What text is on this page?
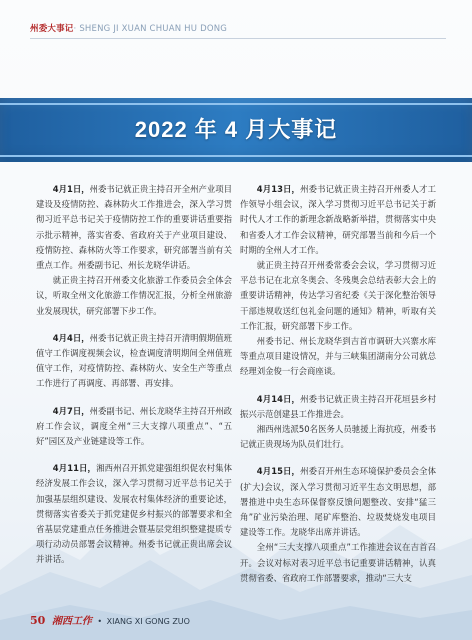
州委大事记· SHENG JI XUAN CHUAN HU DONG
2022 年 4 月大事记

4月1日，州委书记就正贵主持召开全州产业项目建设及疫情防控、森林防火工作推进会，深入学习贯彻习近平总书记关于疫情防控工作的重要讲话重要指示批示精神，落实省委、省政府关于产业项目建设、疫情防控、森林防火等工作要求，研究部署当前有关重点工作。州委副书记、州长龙晓华讲话。

就正贵主持召开州委文化旅游工作委员会全体会议，听取全州文化旅游工作情况汇报，分析全州旅游业发展现状，研究部署下步工作。

4月4日，州委书记就正贵主持召开清明假期值班值守工作调度视频会议，检查调度清明期间全州值班值守工作，对疫情防控、森林防火、安全生产等重点工作进行了再调度、再部署、再安排。

4月7日，州委副书记、州长龙晓华主持召开州政府工作会议，调度全州“三大支撑八项重点”、“五好”园区及产业链建设等工作。

4月11日，湘西州召开抓党建强组织促农村集体经济发展工作会议，深入学习贯彻习近平总书记关于加强基层组织建设、发展农村集体经济的重要论述，贯彻落实省委关于抓党建促乡村振兴的部署要求和全省基层党建重点任务推进会暨基层党组织整建提质专项行动动员部署会议精神。州委书记就正贵出席会议并讲话。

4月13日，州委书记就正贵主持召开州委人才工作领导小组会议，深入学习贯彻习近平总书记关于新时代人才工作的新理念新战略新举措，贯彻落实中央和省委人才工作会议精神，研究部署当前和今后一个时期的全州人才工作。

就正贵主持召开州委常委会会议，学习贯彻习近平总书记在北京冬奥会、冬残奥会总结表彰大会上的重要讲话精神，传达学习省纪委《关于深化整治领导干部违规收送红包礼金问题的通知》精神，听取有关工作汇报，研究部署下步工作。

州委书记、州长龙晓华到吉首市调研大兴寨水库等重点项目建设情况，并与三峡集团湖南分公司就总经理刘金俊一行会商座谈。

4月14日，州委书记就正贵主持召开花垣县乡村振兴示范创建县工作推进会。

湘西州选派50名医务人员驰援上海抗疫，州委书记就正贵现场为队员们壮行。

4月15日，州委召开州生态环境保护委员会全体(扩大)会议，深入学习贯彻习近平生态文明思想，部署推进中央生态环保督察反馈问题整改、安排“猛三角”矿业污染治理、尾矿库整治、垃圾焚烧发电项目建设等工作。龙晓华出席并讲话。

全州“三大支撑八项重点”工作推进会议在吉首召开。会议对标对表习近平总书记重要讲话精神，认真贯彻省委、省政府工作部署要求，推动“三大支

50 湘西工作 • XIANG XI GONG ZUO
